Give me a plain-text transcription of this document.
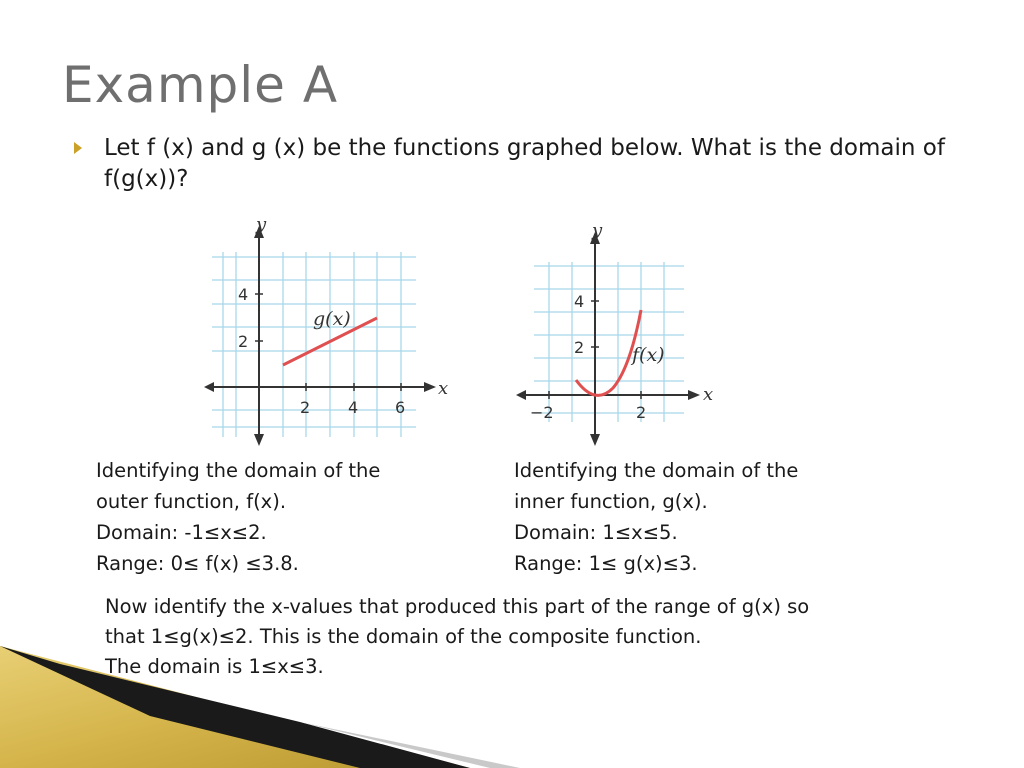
Example A
Let f (x) and g (x) be the functions graphed below. What is the domain of f(g(x))?
y
x
2 4 6
4
2
g(x)
y
x
−2	2
4
2	f(x)
Identifying the domain of the
outer function, f(x).
Domain: -1≤x≤2.
Range: 0≤ f(x) ≤3.8.
Identifying the domain of the
inner function, g(x).
Domain: 1≤x≤5.
Range: 1≤ g(x)≤3.
Now identify the x-values that produced this part of the range of g(x) so
that 1≤g(x)≤2. This is the domain of the composite function.
The domain is 1≤x≤3.
